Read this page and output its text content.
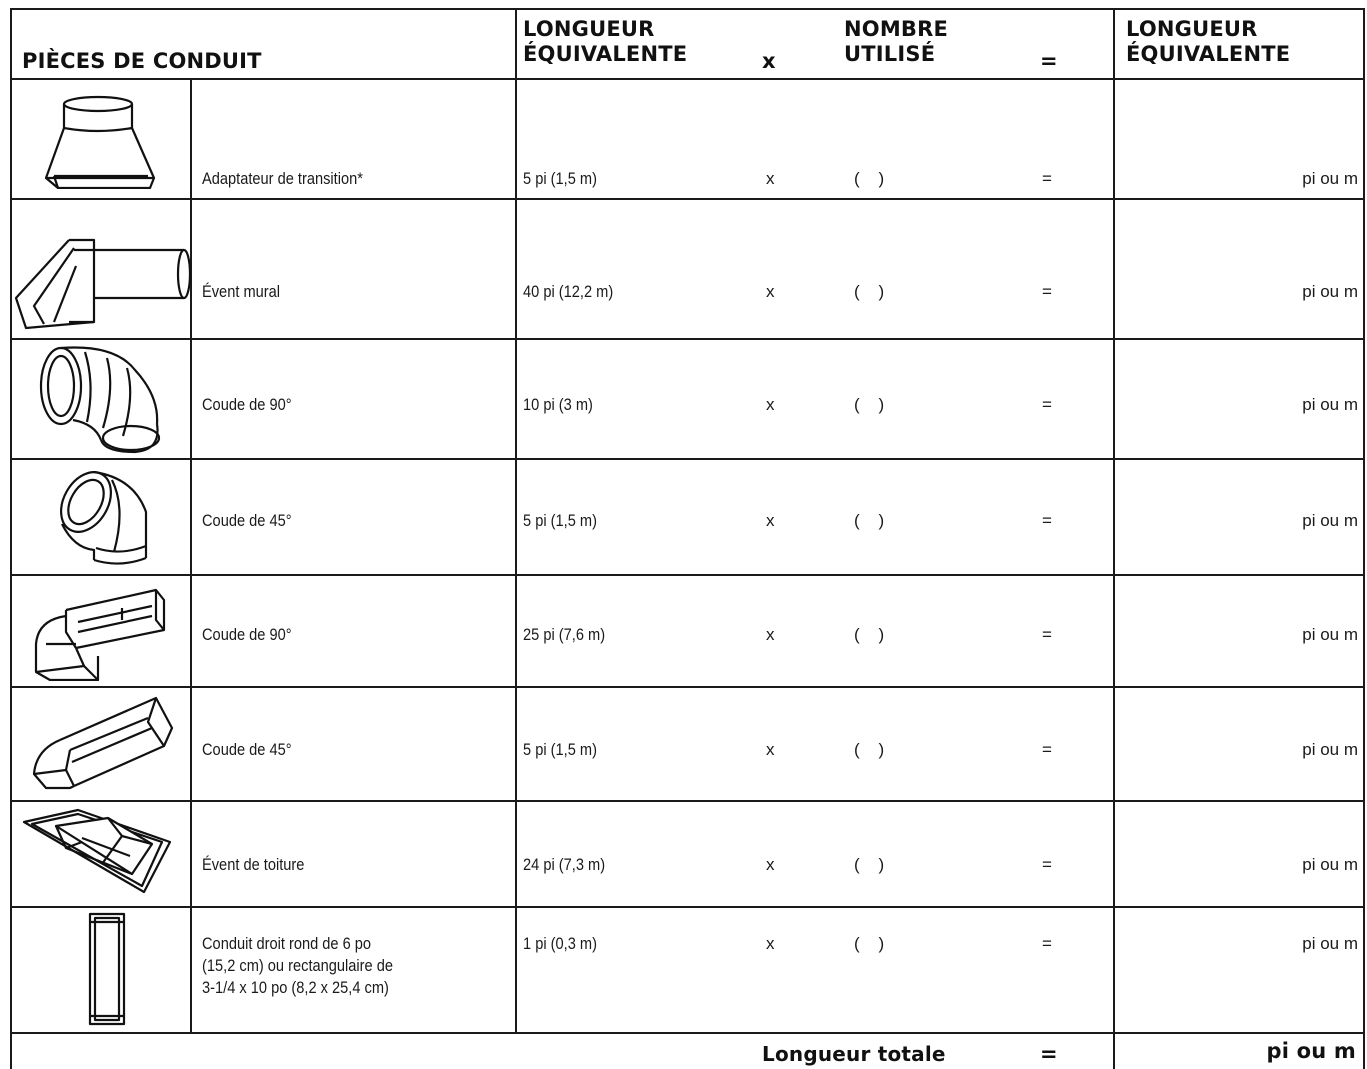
PIÈCES DE CONDUIT
LONGUEUR
ÉQUIVALENTE	x
NOMBRE
UTILISÉ	=
LONGUEUR
ÉQUIVALENTE
Adaptateur de transition*	5 pi (1,5 m)	x	(    )	=	pi ou m
Évent mural	40 pi (12,2 m)	x	(    )	=	pi ou m
Coude de 90°	10 pi (3 m)	x	(    )	=	pi ou m
Coude de 45°	5 pi (1,5 m)	x	(    )	=	pi ou m
Coude de 90°	25 pi (7,6 m)	x	(    )	=	pi ou m
Coude de 45°	5 pi (1,5 m)	x	(    )	=	pi ou m
Évent de toiture	24 pi (7,3 m)	x	(    )	=	pi ou m
Conduit droit rond de 6 po
(15,2 cm) ou rectangulaire de
3-1/4 x 10 po (8,2 x 25,4 cm)
1 pi (0,3 m)	x	(    )	=	pi ou m
Longueur totale	=	pi ou m
